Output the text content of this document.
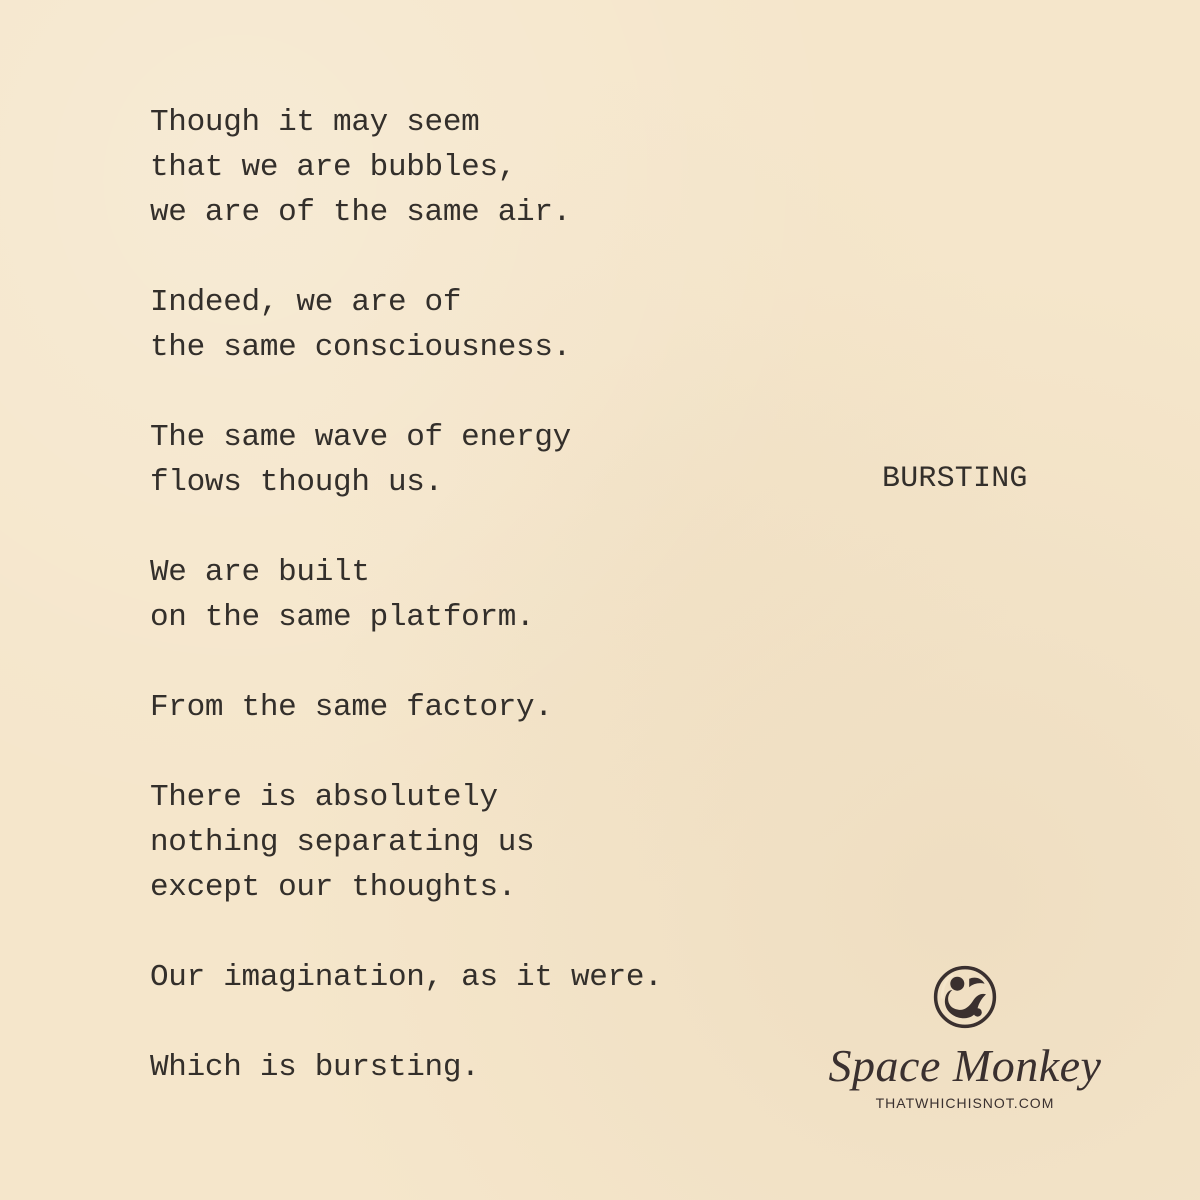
Though it may seem
that we are bubbles,
we are of the same air.
Indeed, we are of
the same consciousness.
The same wave of energy
flows though us.
We are built
on the same platform.
From the same factory.
There is absolutely
nothing separating us
except our thoughts.
Our imagination, as it were.
Which is bursting.
BURSTING
Space Monkey
THATWHICHISNOT.COM
